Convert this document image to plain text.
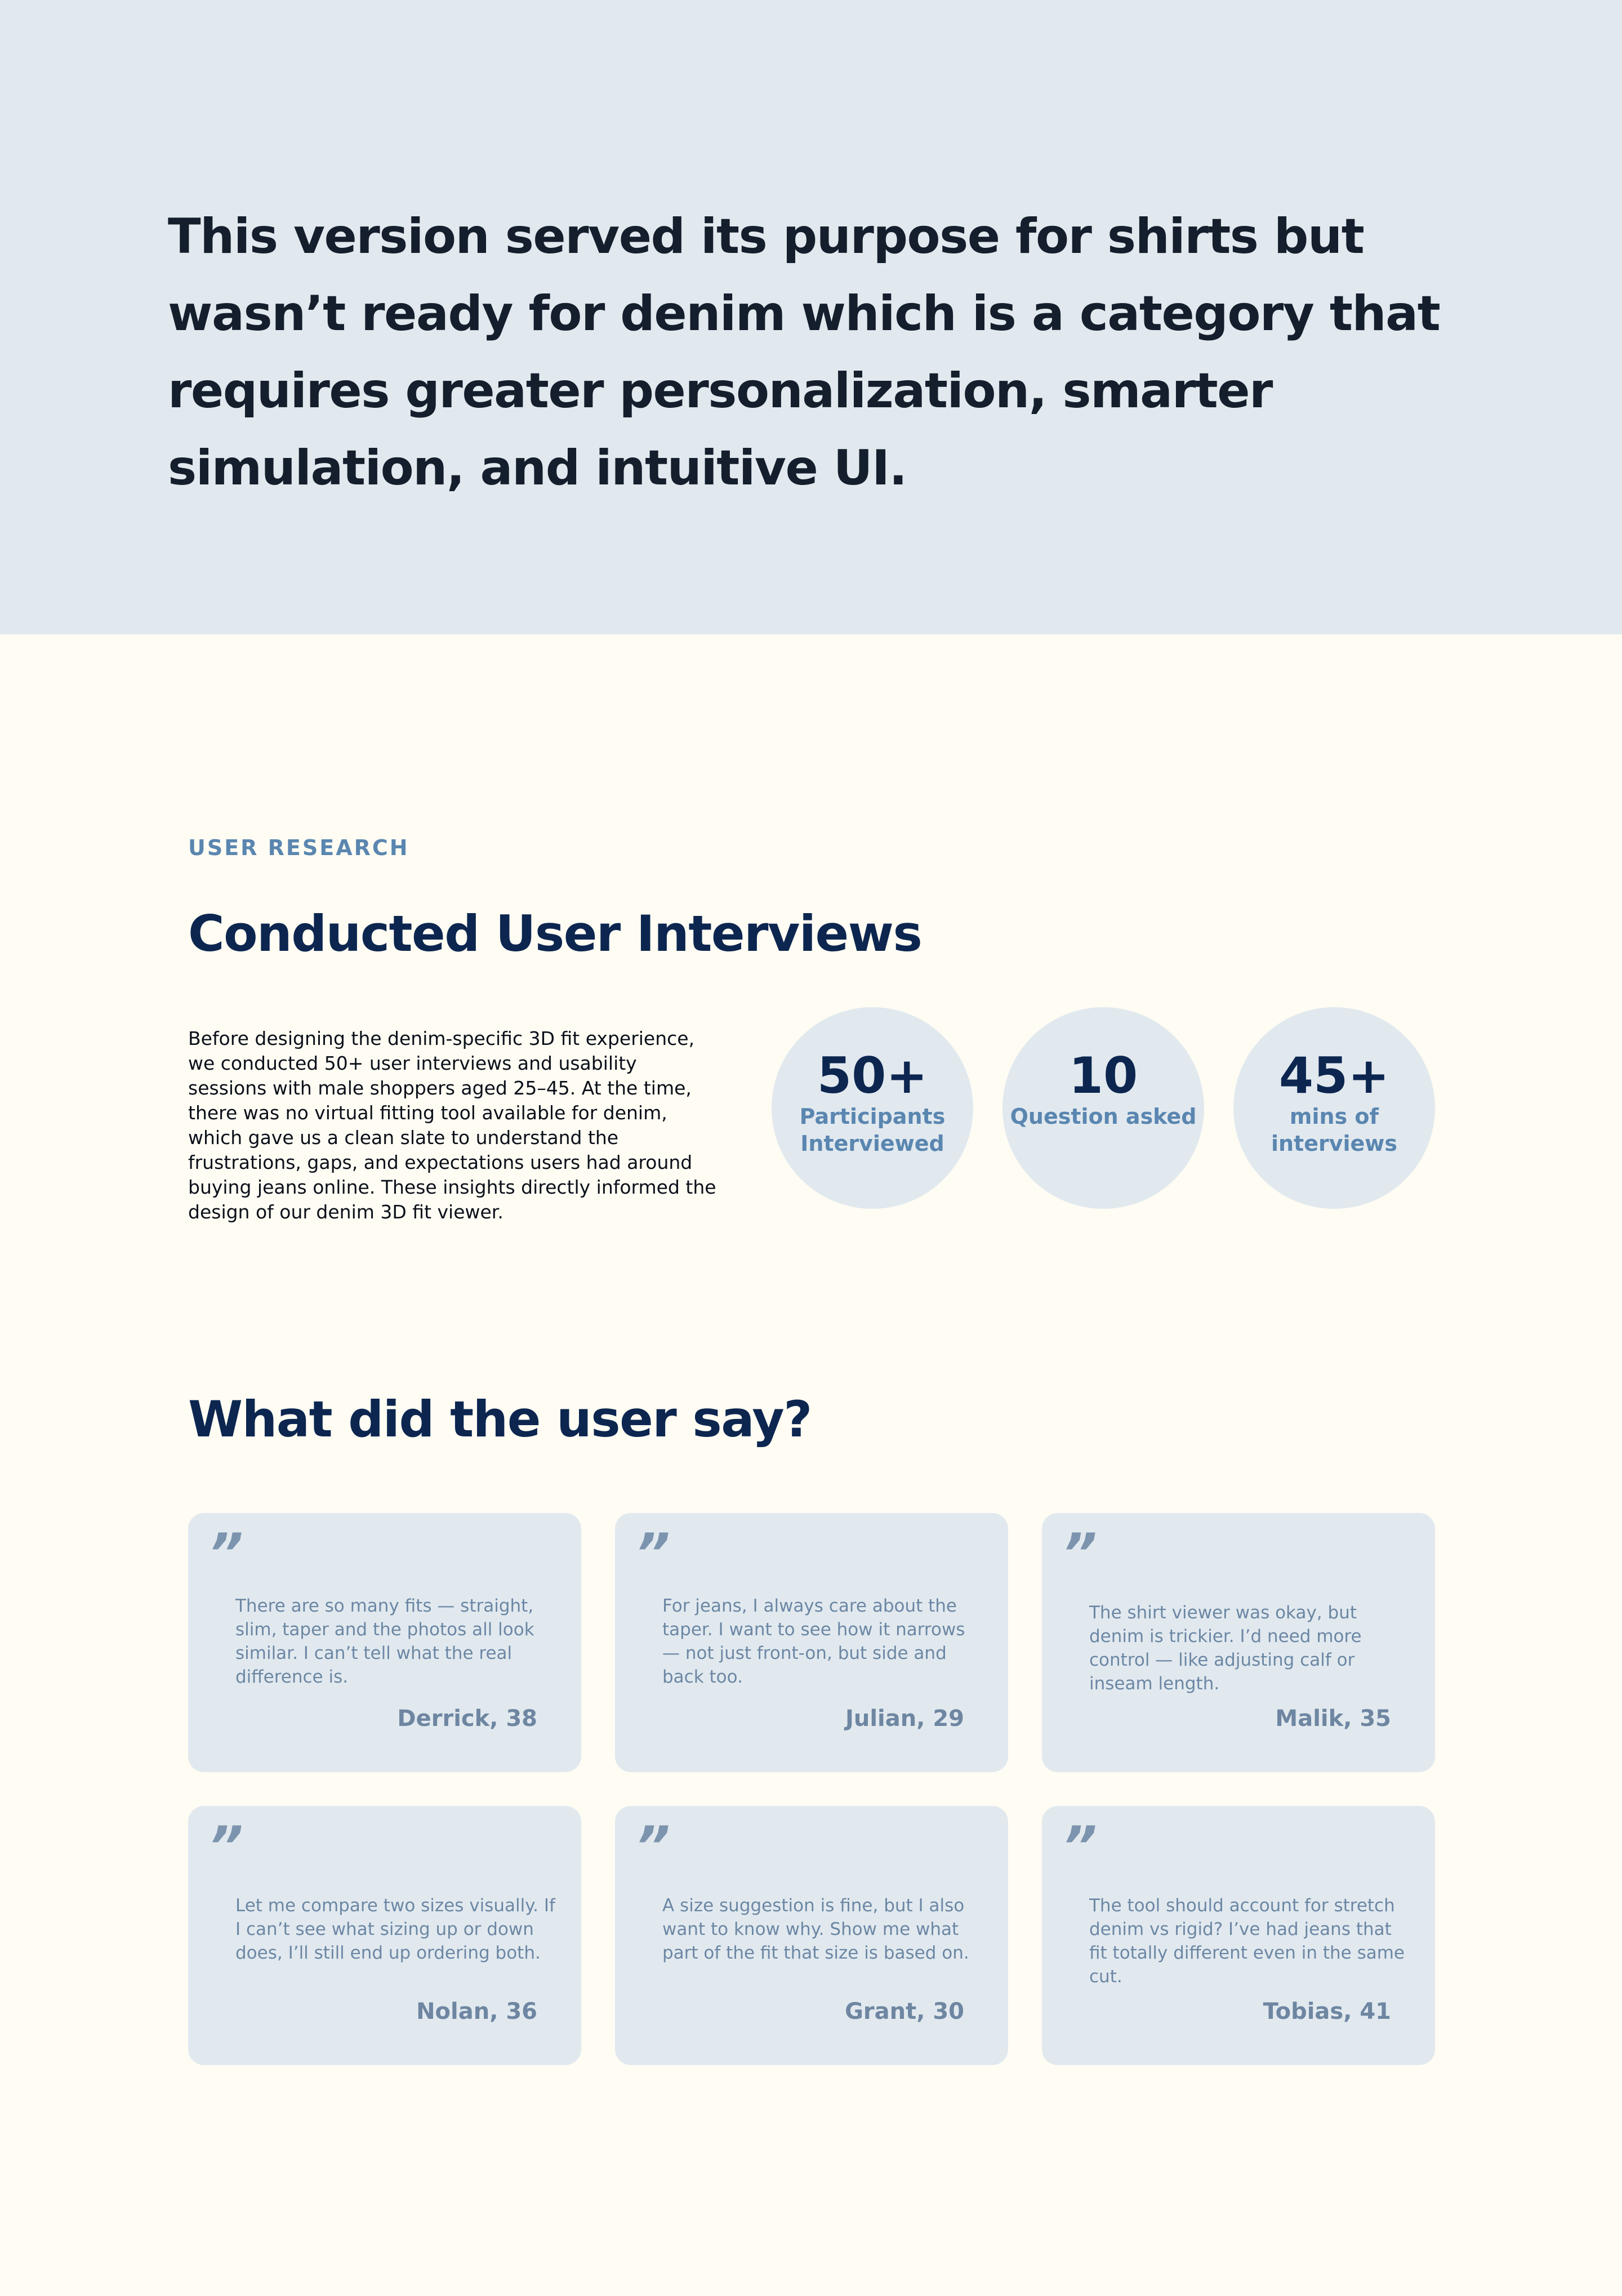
This version served its purpose for shirts but wasn’t ready for denim which is a category that requires greater personalization, smarter simulation, and intuitive UI.

USER RESEARCH

Conducted User Interviews

Before designing the denim-specific 3D fit experience, we conducted 50+ user interviews and usability sessions with male shoppers aged 25–45. At the time, there was no virtual fitting tool available for denim, which gave us a clean slate to understand the frustrations, gaps, and expectations users had around buying jeans online. These insights directly informed the design of our denim 3D fit viewer.

50+
Participants Interviewed
10
Question asked
45+
mins of interviews
What did the user say?
”

There are so many fits — straight, slim, taper and the photos all look similar. I can’t tell what the real difference is.

Derrick, 38

”

For jeans, I always care about the taper. I want to see how it narrows — not just front-on, but side and back too.

Julian, 29

”

The shirt viewer was okay, but denim is trickier. I’d need more control — like adjusting calf or inseam length.

Malik, 35

”

Let me compare two sizes visually. If I can’t see what sizing up or down does, I’ll still end up ordering both.

Nolan, 36

”

A size suggestion is fine, but I also want to know why. Show me what part of the fit that size is based on.

Grant, 30

”

The tool should account for stretch denim vs rigid? I’ve had jeans that fit totally different even in the same cut.

Tobias, 41
